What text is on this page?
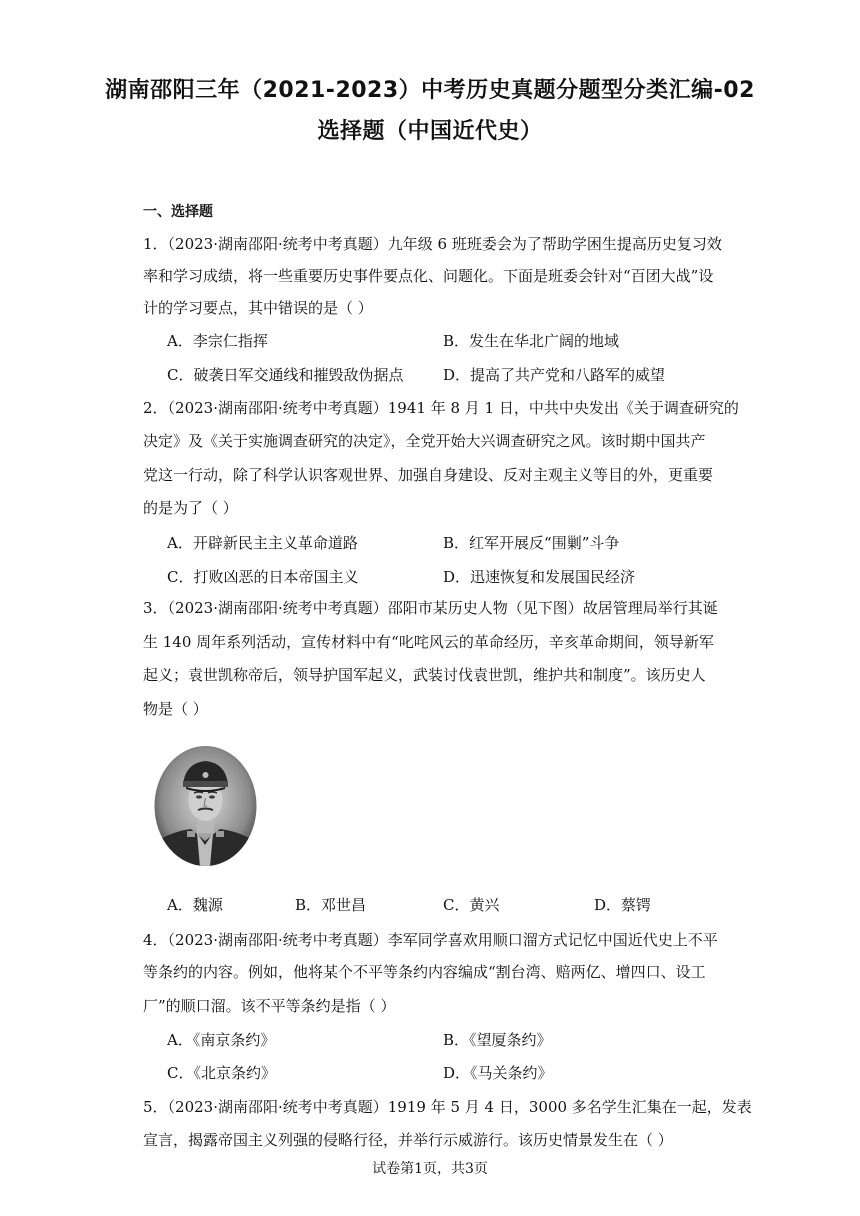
湖南邵阳三年（2021-2023）中考历史真题分题型分类汇编-02
选择题（中国近代史）
一、选择题
1．（2023·湖南邵阳·统考中考真题）九年级 6 班班委会为了帮助学困生提高历史复习效
率和学习成绩，将一些重要历史事件要点化、问题化。下面是班委会针对“百团大战”设
计的学习要点，其中错误的是（ ）
A．李宗仁指挥	B．发生在华北广阔的地域
C．破袭日军交通线和摧毁敌伪据点	D．提高了共产党和八路军的威望
2．（2023·湖南邵阳·统考中考真题）1941 年 8 月 1 日，中共中央发出《关于调查研究的
决定》及《关于实施调查研究的决定》，全党开始大兴调查研究之风。该时期中国共产
党这一行动，除了科学认识客观世界、加强自身建设、反对主观主义等目的外，更重要
的是为了（ ）
A．开辟新民主主义革命道路	B．红军开展反“围剿”斗争
C．打败凶恶的日本帝国主义	D．迅速恢复和发展国民经济
3．（2023·湖南邵阳·统考中考真题）邵阳市某历史人物（见下图）故居管理局举行其诞
生 140 周年系列活动，宣传材料中有“叱咤风云的革命经历，辛亥革命期间，领导新军
起义；袁世凯称帝后，领导护国军起义，武装讨伐袁世凯，维护共和制度”。该历史人
物是（ ）
A．魏源	B．邓世昌	C．黄兴	D．蔡锷
4．（2023·湖南邵阳·统考中考真题）李军同学喜欢用顺口溜方式记忆中国近代史上不平
等条约的内容。例如，他将某个不平等条约内容编成“割台湾、赔两亿、增四口、设工
厂”的顺口溜。该不平等条约是指（ ）
A．《南京条约》	B．《望厦条约》
C．《北京条约》	D．《马关条约》
5．（2023·湖南邵阳·统考中考真题）1919 年 5 月 4 日，3000 多名学生汇集在一起，发表
宣言，揭露帝国主义列强的侵略行径，并举行示威游行。该历史情景发生在（ ）
试卷第1页，共3页
